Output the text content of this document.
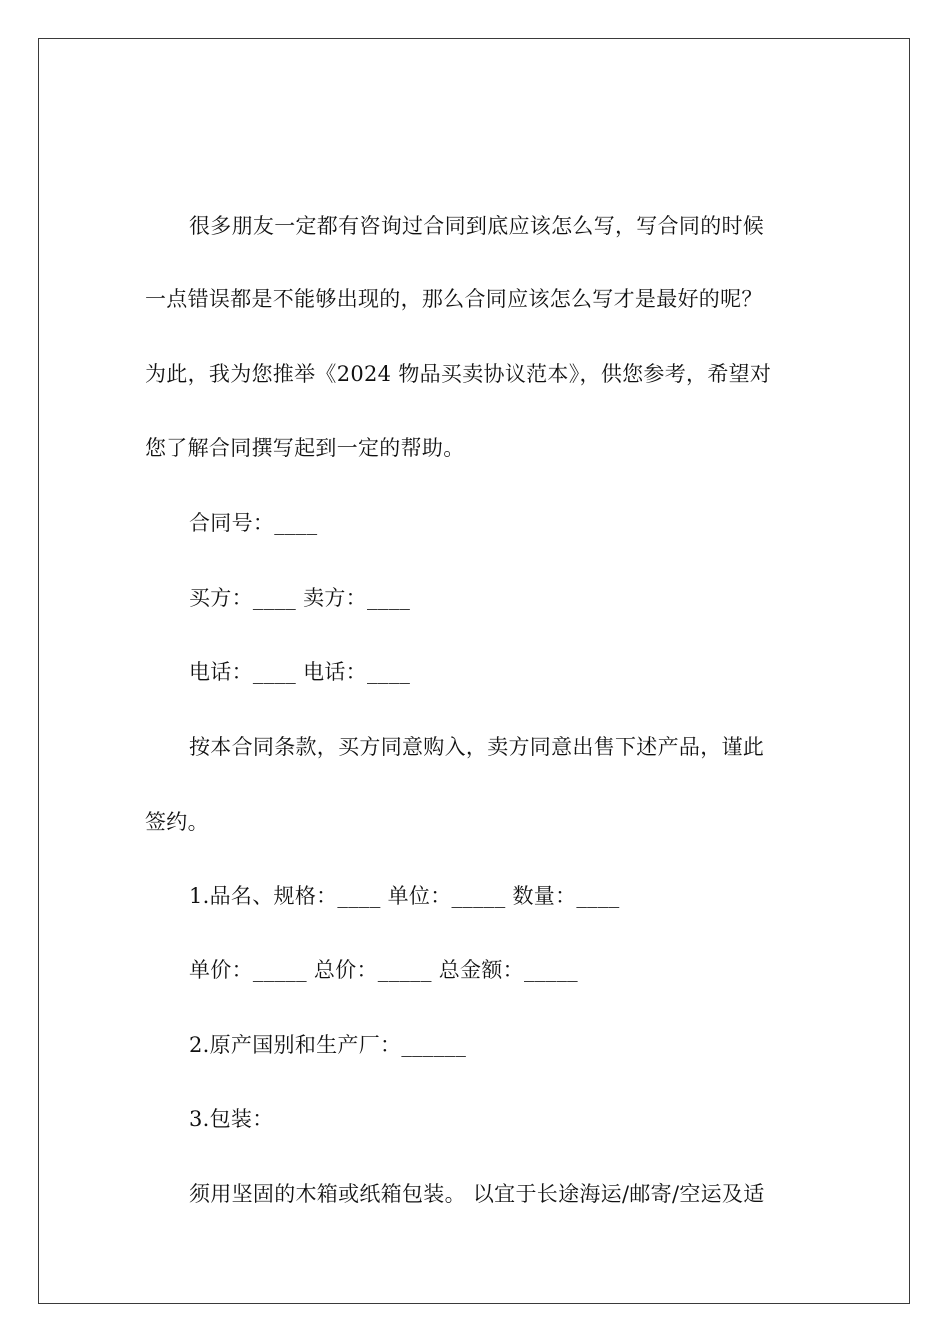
很多朋友一定都有咨询过合同到底应该怎么写，写合同的时候
一点错误都是不能够出现的，那么合同应该怎么写才是最好的呢？
为此，我为您推举《2024 物品买卖协议范本》，供您参考，希望对
您了解合同撰写起到一定的帮助。
合同号：____
买方：____ 卖方：____
电话：____ 电话：____
按本合同条款，买方同意购入，卖方同意出售下述产品，谨此
签约。
1.品名、规格：____ 单位：_____ 数量：____
单价：_____ 总价：_____ 总金额：_____
2.原产国别和生产厂：______
3.包装：
须用坚固的木箱或纸箱包装。 以宜于长途海运/邮寄/空运及适
